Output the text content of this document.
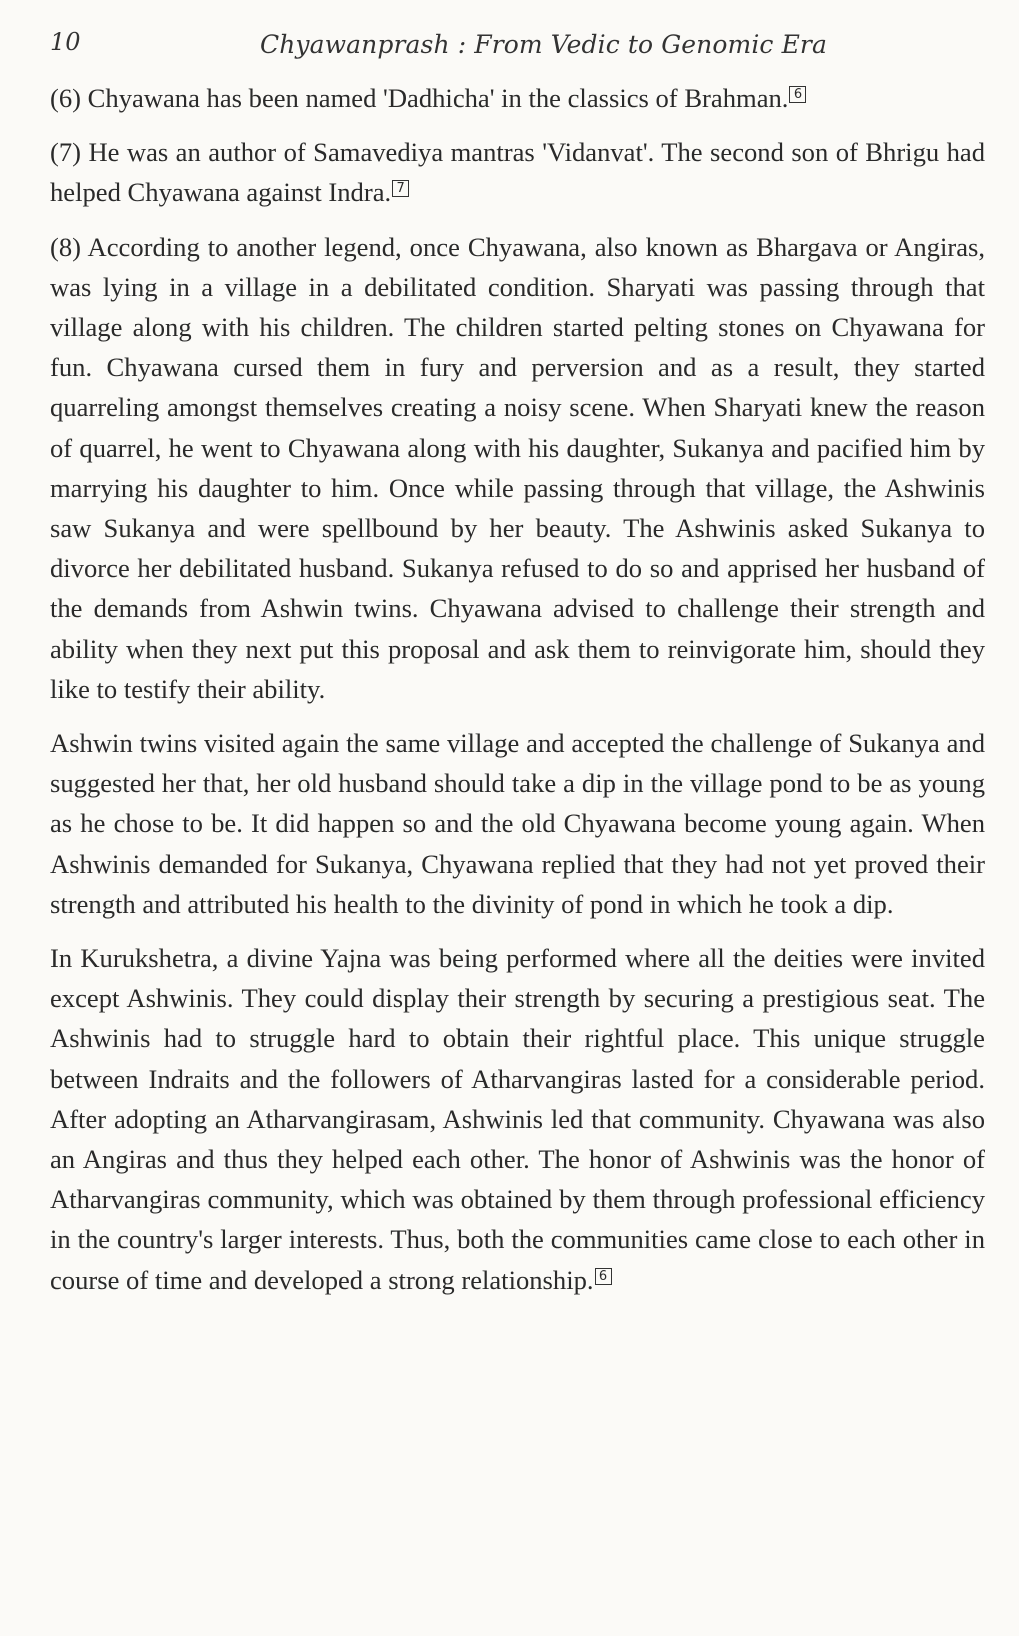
10	Chyawanprash : From Vedic to Genomic Era

(6) Chyawana has been named 'Dadhicha' in the classics of Brahman. 6

(7) He was an author of Samavediya mantras 'Vidanvat'. The second son of Bhrigu had helped Chyawana against Indra. 7

(8) According to another legend, once Chyawana, also known as Bhargava or Angiras, was lying in a village in a debilitated condition. Sharyati was passing through that village along with his children. The children started pelting stones on Chyawana for fun. Chyawana cursed them in fury and perversion and as a result, they started quarreling amongst themselves creating a noisy scene. When Sharyati knew the reason of quarrel, he went to Chyawana along with his daughter, Sukanya and pacified him by marrying his daughter to him. Once while passing through that village, the Ashwinis saw Sukanya and were spellbound by her beauty. The Ashwinis asked Sukanya to divorce her debilitated husband. Sukanya refused to do so and apprised her husband of the demands from Ashwin twins. Chyawana advised to challenge their strength and ability when they next put this proposal and ask them to reinvigorate him, should they like to testify their ability.

Ashwin twins visited again the same village and accepted the challenge of Sukanya and suggested her that, her old husband should take a dip in the village pond to be as young as he chose to be. It did happen so and the old Chyawana become young again. When Ashwinis demanded for Sukanya, Chyawana replied that they had not yet proved their strength and attributed his health to the divinity of pond in which he took a dip.

In Kurukshetra, a divine Yajna was being performed where all the deities were invited except Ashwinis. They could display their strength by securing a prestigious seat. The Ashwinis had to struggle hard to obtain their rightful place. This unique struggle between Indraits and the followers of Atharvangiras lasted for a considerable period. After adopting an Atharvangirasam, Ashwinis led that community. Chyawana was also an Angiras and thus they helped each other. The honor of Ashwinis was the honor of Atharvangiras community, which was obtained by them through professional efficiency in the country's larger interests. Thus, both the communities came close to each other in course of time and developed a strong relationship. 6
